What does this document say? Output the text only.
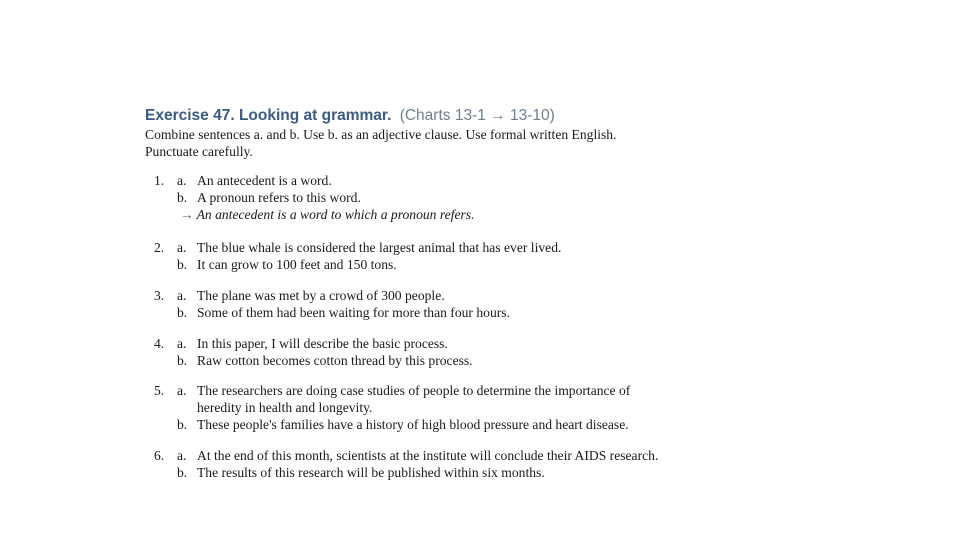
Exercise 47. Looking at grammar. (Charts 13-1 → 13-10)
Combine sentences a. and b. Use b. as an adjective clause. Use formal written English.
Punctuate carefully.
1. a. An antecedent is a word.
b. A pronoun refers to this word.
→ An antecedent is a word to which a pronoun refers.
2. a. The blue whale is considered the largest animal that has ever lived.
b. It can grow to 100 feet and 150 tons.
3. a. The plane was met by a crowd of 300 people.
b. Some of them had been waiting for more than four hours.
4. a. In this paper, I will describe the basic process.
b. Raw cotton becomes cotton thread by this process.
5. a. The researchers are doing case studies of people to determine the importance of
heredity in health and longevity.
b. These people's families have a history of high blood pressure and heart disease.
6. a. At the end of this month, scientists at the institute will conclude their AIDS research.
b. The results of this research will be published within six months.
